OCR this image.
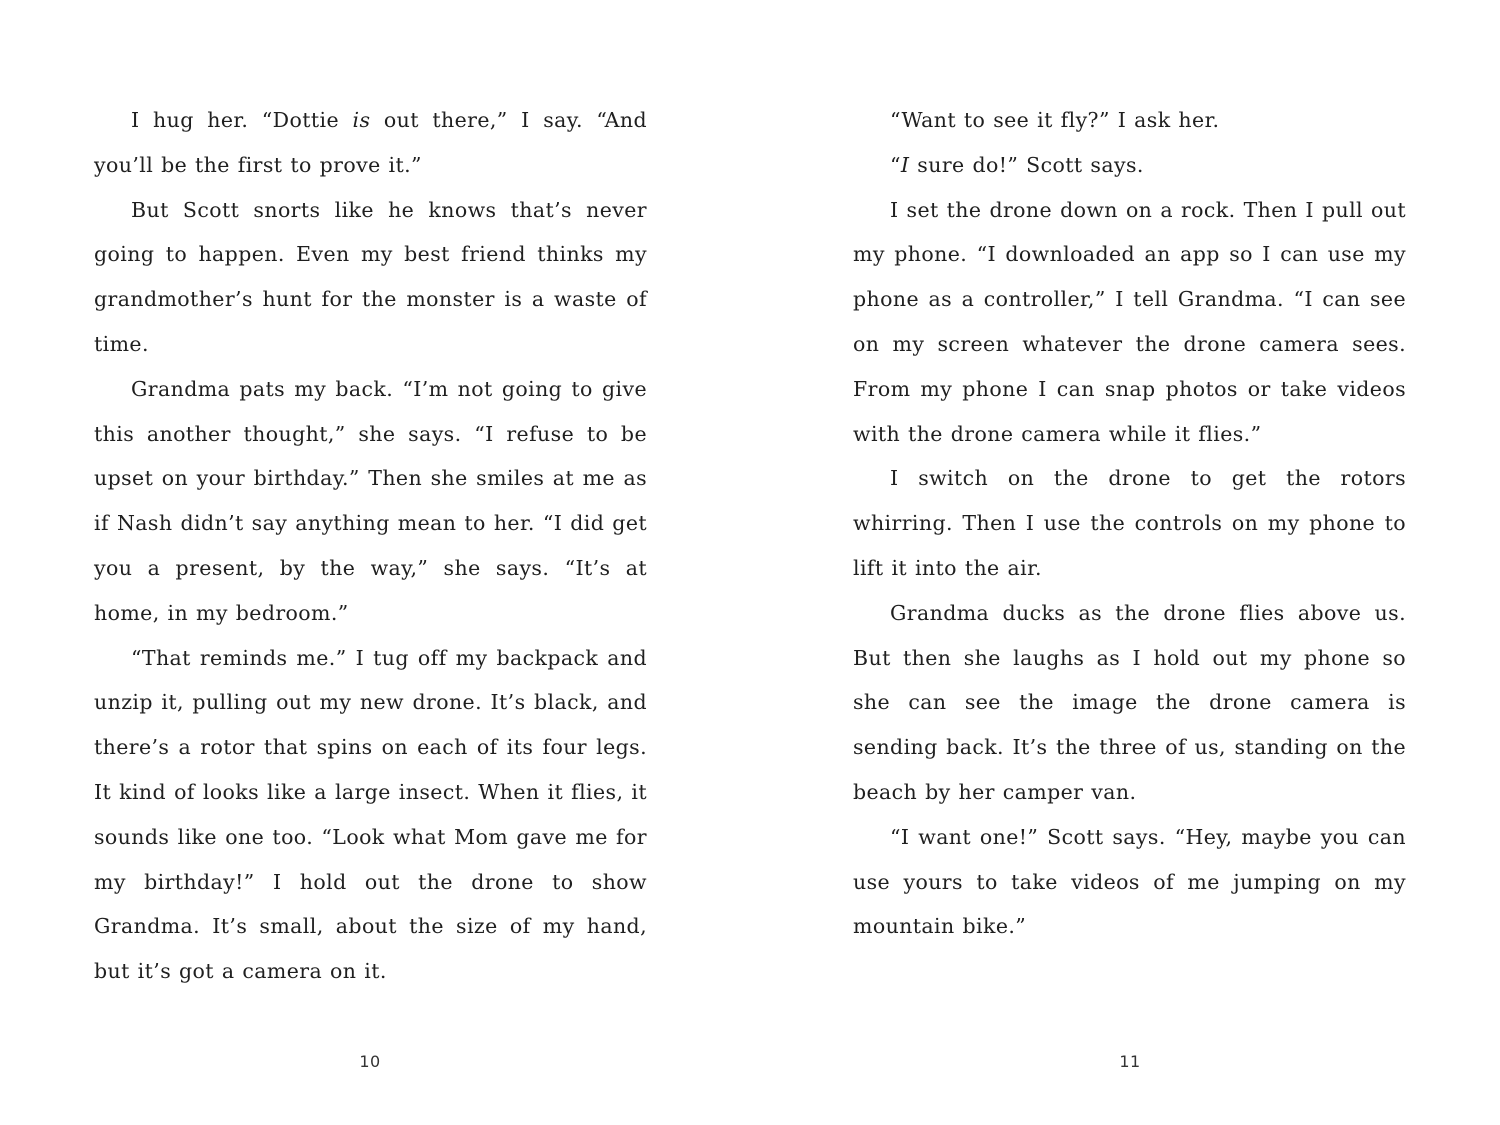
I hug her. “Dottie is out there,” I say. “And you’ll be the first to prove it.”

But Scott snorts like he knows that’s never going to happen. Even my best friend thinks my grandmother’s hunt for the monster is a waste of time.

Grandma pats my back. “I’m not going to give this another thought,” she says. “I refuse to be upset on your birthday.” Then she smiles at me as if Nash didn’t say anything mean to her. “I did get you a present, by the way,” she says. “It’s at home, in my bedroom.”

“That reminds me.” I tug off my backpack and unzip it, pulling out my new drone. It’s black, and there’s a rotor that spins on each of its four legs. It kind of looks like a large insect. When it flies, it sounds like one too. “Look what Mom gave me for my birthday!” I hold out the drone to show Grandma. It’s small, about the size of my hand, but it’s got a camera on it.

“Want to see it fly?” I ask her.

“I sure do!” Scott says.

I set the drone down on a rock. Then I pull out my phone. “I downloaded an app so I can use my phone as a controller,” I tell Grandma. “I can see on my screen whatever the drone camera sees. From my phone I can snap photos or take videos with the drone camera while it flies.”

I switch on the drone to get the rotors whirring. Then I use the controls on my phone to lift it into the air.

Grandma ducks as the drone flies above us. But then she laughs as I hold out my phone so she can see the image the drone camera is sending back. It’s the three of us, standing on the beach by her camper van.

“I want one!” Scott says. “Hey, maybe you can use yours to take videos of me jumping on my mountain bike.”

10	11
